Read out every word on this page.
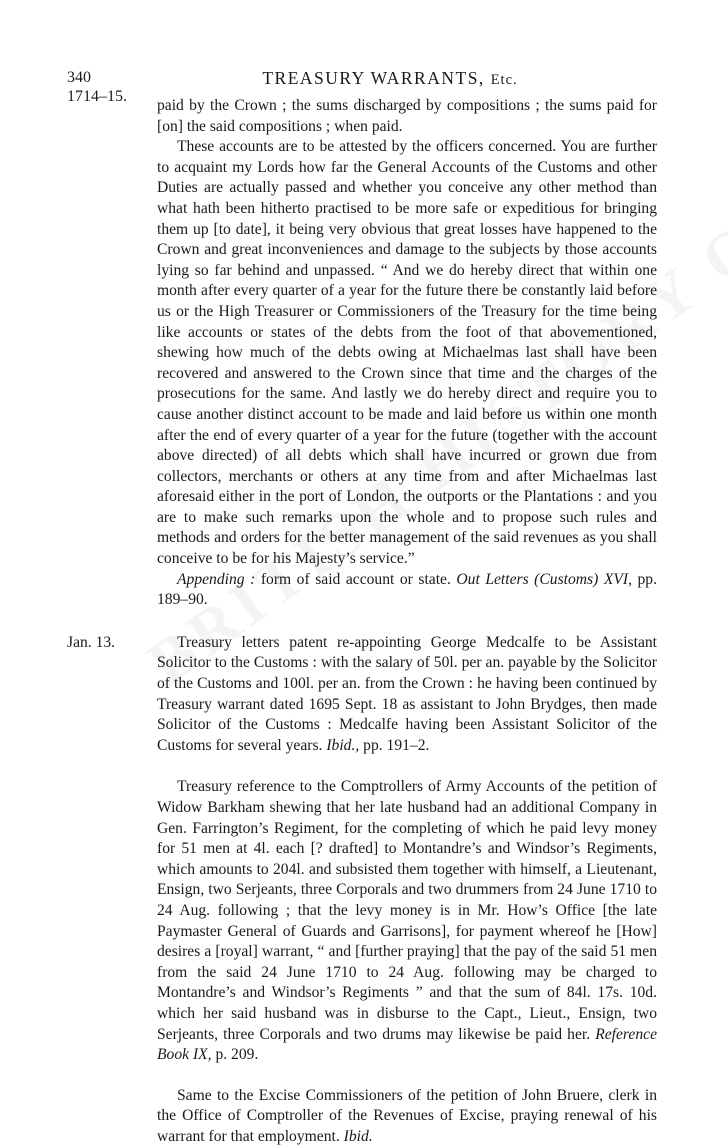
340
1714–15.
TREASURY WARRANTS, Etc.

paid by the Crown ; the sums discharged by compositions ; the sums paid for [on] the said compositions ; when paid.

These accounts are to be attested by the officers concerned. You are further to acquaint my Lords how far the General Accounts of the Customs and other Duties are actually passed and whether you conceive any other method than what hath been hitherto practised to be more safe or expeditious for bringing them up [to date], it being very obvious that great losses have happened to the Crown and great inconveniences and damage to the subjects by those accounts lying so far behind and unpassed. “ And we do hereby direct that within one month after every quarter of a year for the future there be constantly laid before us or the High Treasurer or Commissioners of the Treasury for the time being like accounts or states of the debts from the foot of that abovementioned, shewing how much of the debts owing at Michaelmas last shall have been recovered and answered to the Crown since that time and the charges of the prosecutions for the same. And lastly we do hereby direct and require you to cause another distinct account to be made and laid before us within one month after the end of every quarter of a year for the future (together with the account above directed) of all debts which shall have incurred or grown due from collectors, merchants or others at any time from and after Michaelmas last aforesaid either in the port of London, the outports or the Plantations : and you are to make such remarks upon the whole and to propose such rules and methods and orders for the better management of the said revenues as you shall conceive to be for his Majesty’s service.”

Appending : form of said account or state. Out Letters (Customs) XVI, pp. 189–90.

Jan. 13.	Treasury letters patent re-appointing George Medcalfe to be Assistant Solicitor to the Customs : with the salary of 50l. per an. payable by the Solicitor of the Customs and 100l. per an. from the Crown : he having been continued by Treasury warrant dated 1695 Sept. 18 as assistant to John Brydges, then made Solicitor of the Customs : Medcalfe having been Assistant Solicitor of the Customs for several years. Ibid., pp. 191–2.

Treasury reference to the Comptrollers of Army Accounts of the petition of Widow Barkham shewing that her late husband had an additional Company in Gen. Farrington’s Regiment, for the completing of which he paid levy money for 51 men at 4l. each [? drafted] to Montandre’s and Windsor’s Regiments, which amounts to 204l. and subsisted them together with himself, a Lieutenant, Ensign, two Serjeants, three Corporals and two drummers from 24 June 1710 to 24 Aug. following ; that the levy money is in Mr. How’s Office [the late Paymaster General of Guards and Garrisons], for payment whereof he [How] desires a [royal] warrant, “ and [further praying] that the pay of the said 51 men from the said 24 June 1710 to 24 Aug. following may be charged to Montandre’s and Windsor’s Regiments ” and that the sum of 84l. 17s. 10d. which her said husband was in disburse to the Capt., Lieut., Ensign, two Serjeants, three Corporals and two drums may likewise be paid her. Reference Book IX, p. 209.

Same to the Excise Commissioners of the petition of John Bruere, clerk in the Office of Comptroller of the Revenues of Excise, praying renewal of his warrant for that employment. Ibid.
